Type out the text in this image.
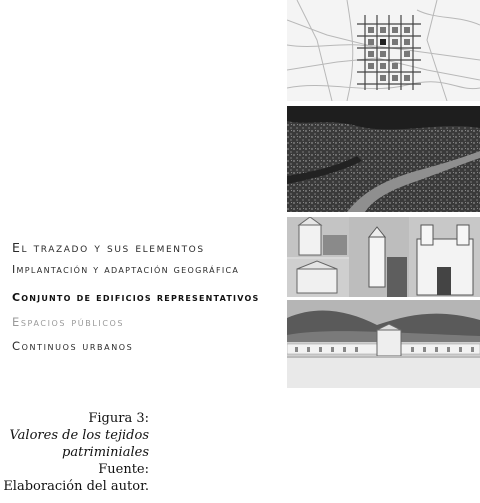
El trazado y sus elementos
Implantación y adaptación geográfica
Conjunto de edificios representativos
Espacios públicos
Continuos urbanos
Figura 3:
Valores de los tejidos
patriminiales
Fuente:
Elaboración del autor.
